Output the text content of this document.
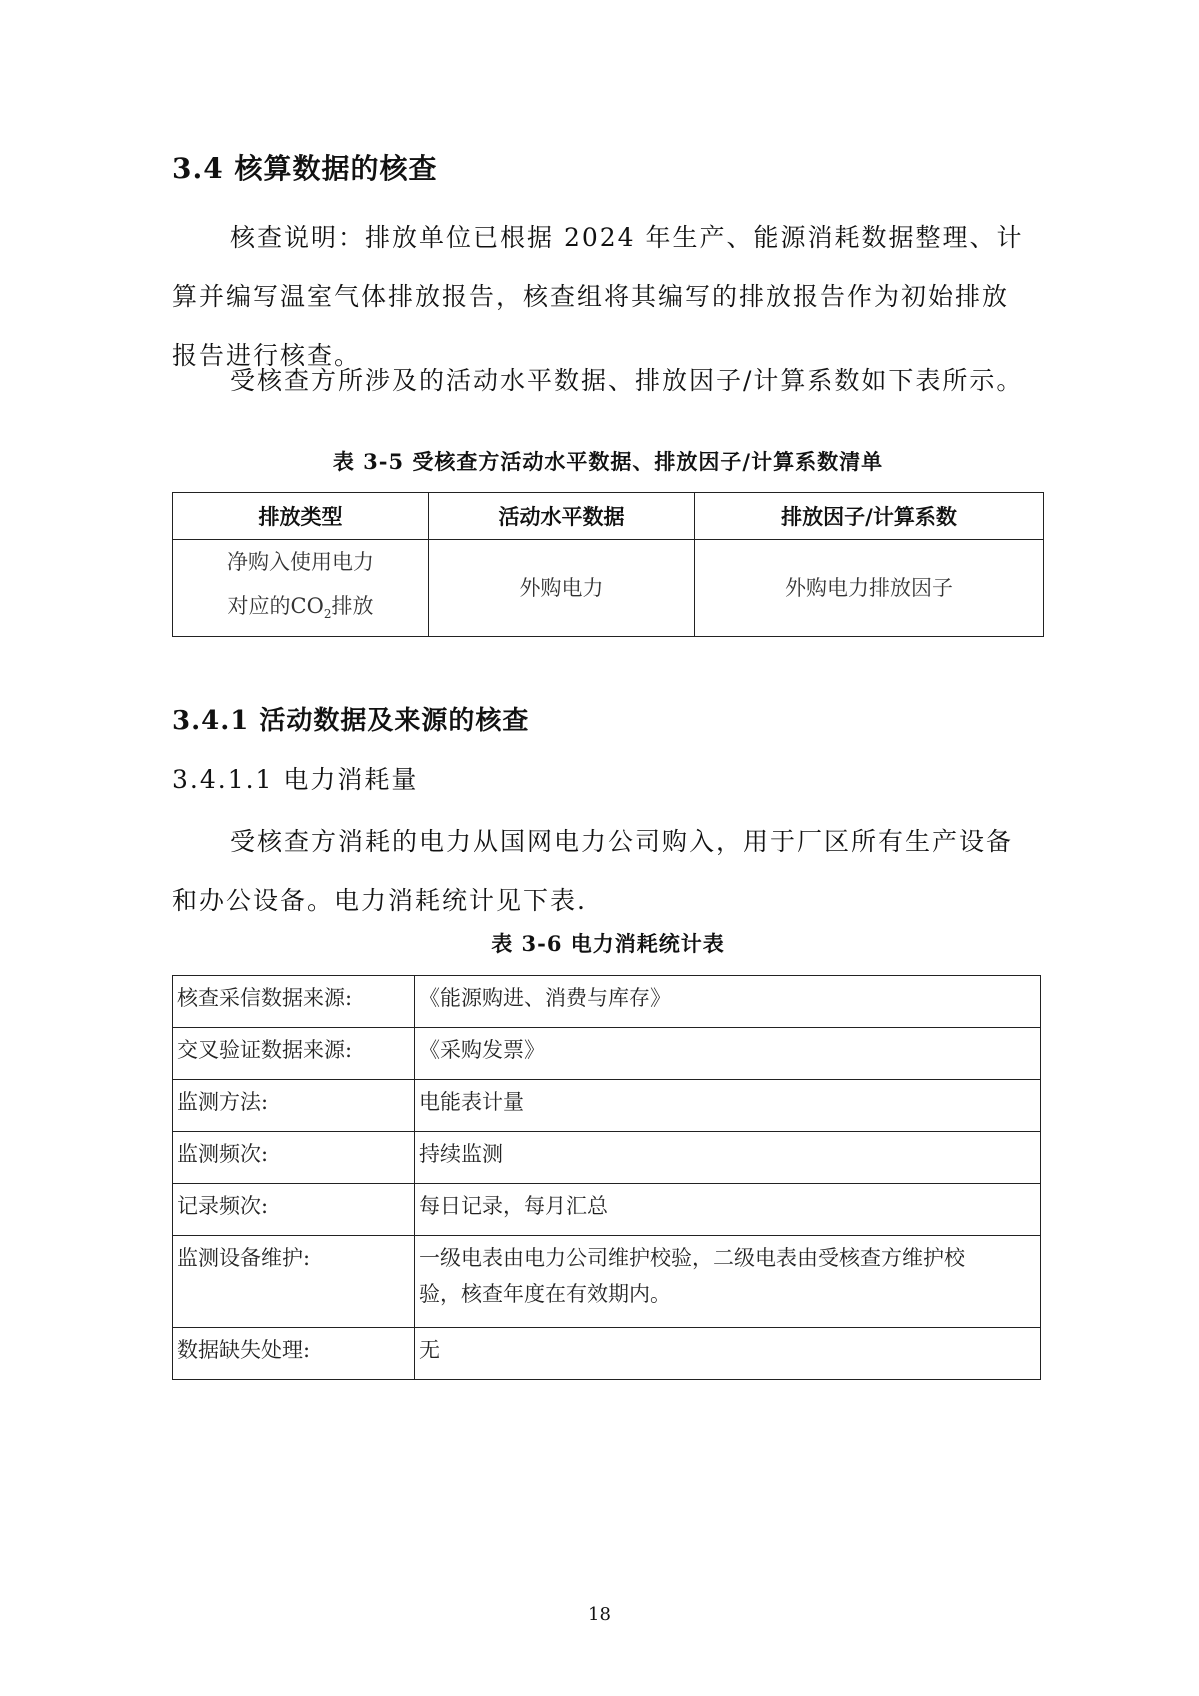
3.4 核算数据的核查
核查说明：排放单位已根据 2024 年生产、能源消耗数据整理、计
算并编写温室气体排放报告，核查组将其编写的排放报告作为初始排放
报告进行核查。
受核查方所涉及的活动水平数据、排放因子/计算系数如下表所示。
表 3-5 受核查方活动水平数据、排放因子/计算系数清单
排放类型	活动水平数据	排放因子/计算系数

净购入使用电力
对应的$CO_2$排放	外购电力	外购电力排放因子
3.4.1 活动数据及来源的核查
3.4.1.1 电力消耗量
受核查方消耗的电力从国网电力公司购入，用于厂区所有生产设备
和办公设备。电力消耗统计见下表.
表 3-6 电力消耗统计表
核查采信数据来源:	《能源购进、消费与库存》
交叉验证数据来源:	《采购发票》
监测方法:	电能表计量
监测频次:	持续监测
记录频次:	每日记录，每月汇总
监测设备维护:	一级电表由电力公司维护校验，二级电表由受核查方维护校
验，核查年度在有效期内。

数据缺失处理:	无
18
